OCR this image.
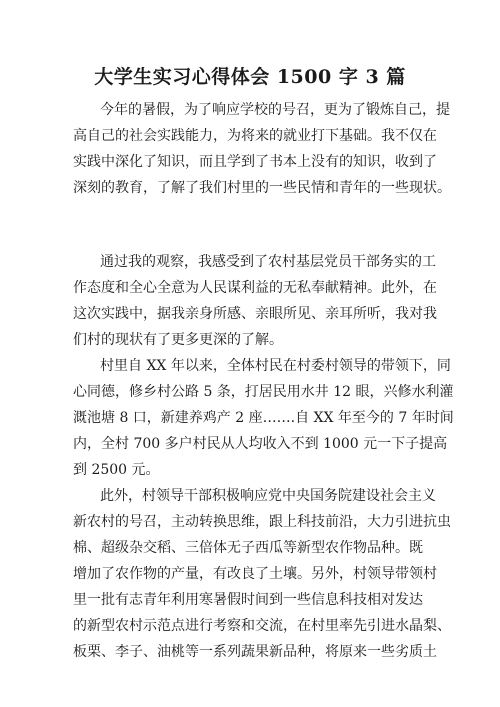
大学生实习心得体会 1500 字 3 篇
今年的暑假，为了响应学校的号召，更为了锻炼自己，提
高自己的社会实践能力，为将来的就业打下基础。我不仅在
实践中深化了知识，而且学到了书本上没有的知识，收到了
深刻的教育，了解了我们村里的一些民情和青年的一些现状。
通过我的观察，我感受到了农村基层党员干部务实的工
作态度和全心全意为人民谋利益的无私奉献精神。此外，在
这次实践中，据我亲身所感、亲眼所见、亲耳所听，我对我
们村的现状有了更多更深的了解。
村里自 XX 年以来，全体村民在村委村领导的带领下，同
心同德，修乡村公路 5 条，打居民用水井 12 眼，兴修水利灌
溉池塘 8 口，新建养鸡产 2 座…….自 XX 年至今的 7 年时间
内，全村 700 多户村民从人均收入不到 1000 元一下子提高
到 2500 元。
此外，村领导干部积极响应党中央国务院建设社会主义
新农村的号召，主动转换思维，跟上科技前沿，大力引进抗虫
棉、超级杂交稻、三倍体无子西瓜等新型农作物品种。既
增加了农作物的产量，有改良了土壤。另外，村领导带领村
里一批有志青年利用寒暑假时间到一些信息科技相对发达
的新型农村示范点进行考察和交流，在村里率先引进水晶梨、
板栗、李子、油桃等一系列蔬果新品种，将原来一些劣质土
